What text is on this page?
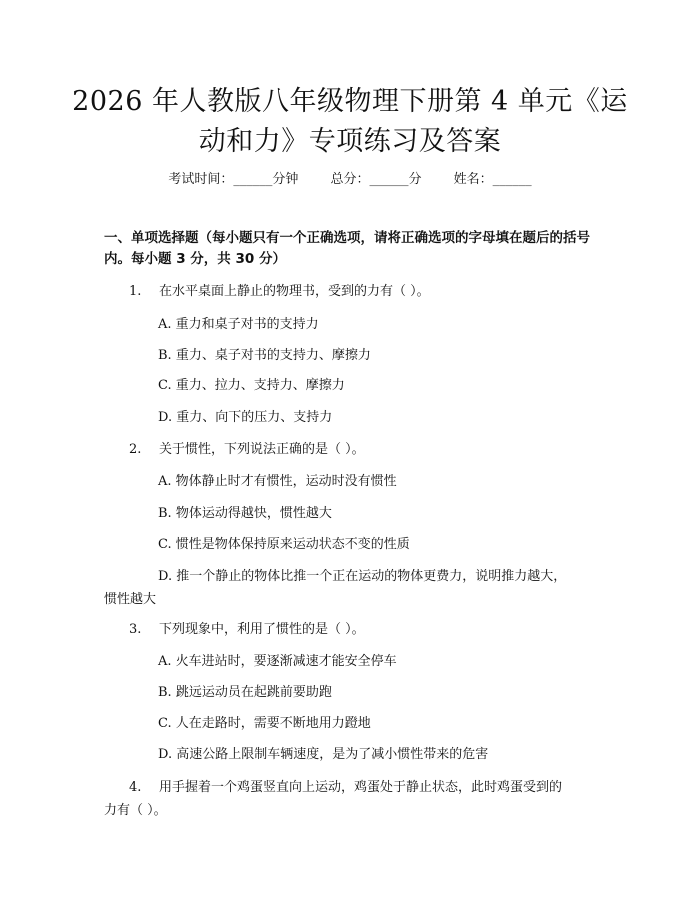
2026 年人教版八年级物理下册第 4 单元《运
动和力》专项练习及答案
考试时间：______分钟 总分：______分 姓名：______
一、单项选择题（每小题只有一个正确选项，请将正确选项的字母填在题后的括号内。每小题 3 分，共 30 分）
1. 在水平桌面上静止的物理书，受到的力有（ ）。
A. 重力和桌子对书的支持力
B. 重力、桌子对书的支持力、摩擦力
C. 重力、拉力、支持力、摩擦力
D. 重力、向下的压力、支持力
2. 关于惯性，下列说法正确的是（ ）。
A. 物体静止时才有惯性，运动时没有惯性
B. 物体运动得越快，惯性越大
C. 惯性是物体保持原来运动状态不变的性质
D. 推一个静止的物体比推一个正在运动的物体更费力，说明推力越大，惯性越大
3. 下列现象中，利用了惯性的是（ ）。
A. 火车进站时，要逐渐减速才能安全停车
B. 跳远运动员在起跳前要助跑
C. 人在走路时，需要不断地用力蹬地
D. 高速公路上限制车辆速度，是为了减小惯性带来的危害
4. 用手握着一个鸡蛋竖直向上运动，鸡蛋处于静止状态，此时鸡蛋受到的力有（ ）。
